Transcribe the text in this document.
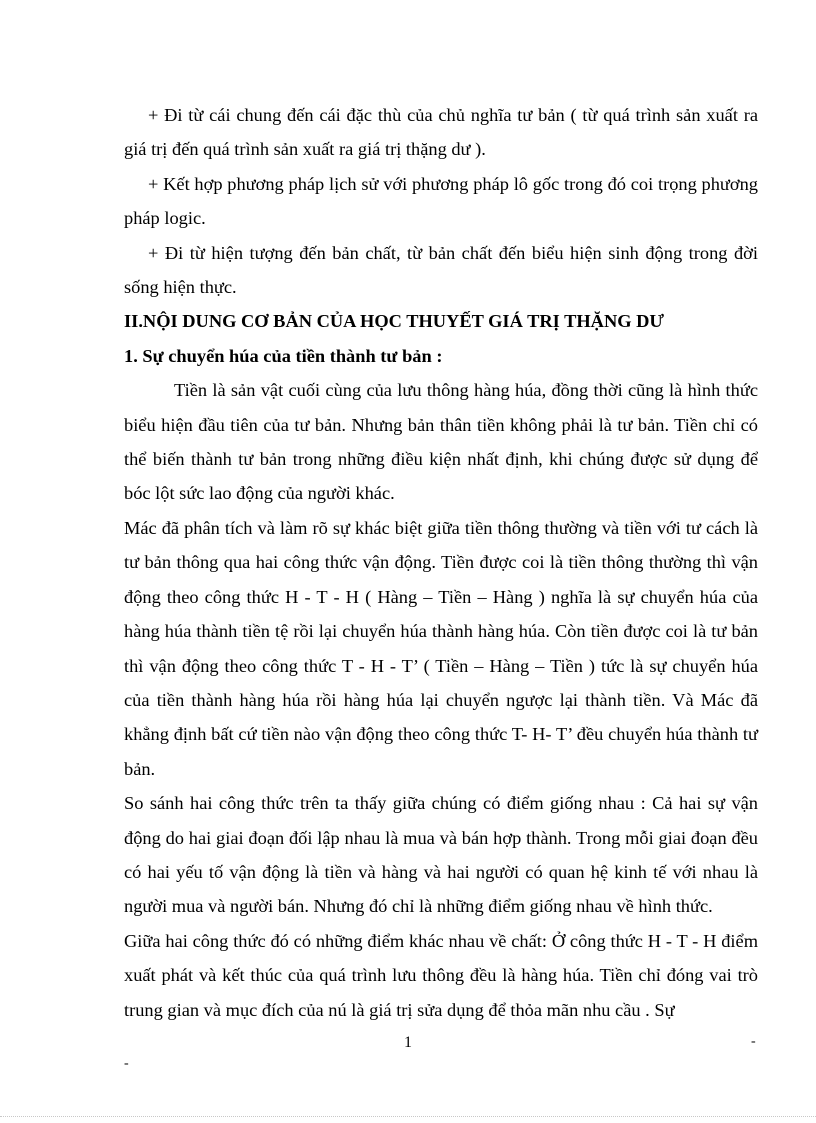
+ Đi từ cái chung đến cái đặc thù của chủ nghĩa tư bản ( từ quá trình sản xuất ra giá trị đến quá trình sản xuất ra giá trị thặng dư ).

+ Kết hợp phương pháp lịch sử với phương pháp lô gốc trong đó coi trọng phương pháp logic.

+ Đi từ hiện tượng đến bản chất, từ bản chất đến biểu hiện sinh động trong đời sống hiện thực.

II.NỘI DUNG CƠ BẢN CỦA HỌC THUYẾT GIÁ TRỊ THẶNG DƯ

1. Sự chuyển húa của tiền thành tư bản :

Tiền là sản vật cuối cùng của lưu thông hàng húa, đồng thời cũng là hình thức biểu hiện đầu tiên của tư bản. Nhưng bản thân tiền không phải là tư bản. Tiền chỉ có thể biến thành tư bản trong những điều kiện nhất định, khi chúng được sử dụng để bóc lột sức lao động của người khác.

Mác đã phân tích và làm rõ sự khác biệt giữa tiền thông thường và tiền với tư cách là tư bản thông qua hai công thức vận động. Tiền được coi là tiền thông thường thì vận động theo công thức H - T - H ( Hàng – Tiền – Hàng ) nghĩa là sự chuyển húa của hàng húa thành tiền tệ rồi lại chuyển húa thành hàng húa. Còn tiền được coi là tư bản thì vận động theo công thức T - H - T’ ( Tiền – Hàng – Tiền ) tức là sự chuyển húa của tiền thành hàng húa rồi hàng húa lại chuyển ngược lại thành tiền. Và Mác đã khẳng định bất cứ tiền nào vận động theo công thức T- H- T’ đều chuyển húa thành tư bản.

So sánh hai công thức trên ta thấy giữa chúng có điểm giống nhau : Cả hai sự vận động do hai giai đoạn đối lập nhau là mua và bán hợp thành. Trong mỗi giai đoạn đều có hai yếu tố vận động là tiền và hàng và hai người có quan hệ kinh tế với nhau là người mua và người bán. Nhưng đó chỉ là những điểm giống nhau về hình thức.

Giữa hai công thức đó có những điểm khác nhau về chất: Ở công thức H - T - H điểm xuất phát và kết thúc của quá trình lưu thông đều là hàng húa. Tiền chỉ đóng vai trò trung gian và mục đích của nú là giá trị sửa dụng để thỏa mãn nhu cầu . Sự

1	-
-
